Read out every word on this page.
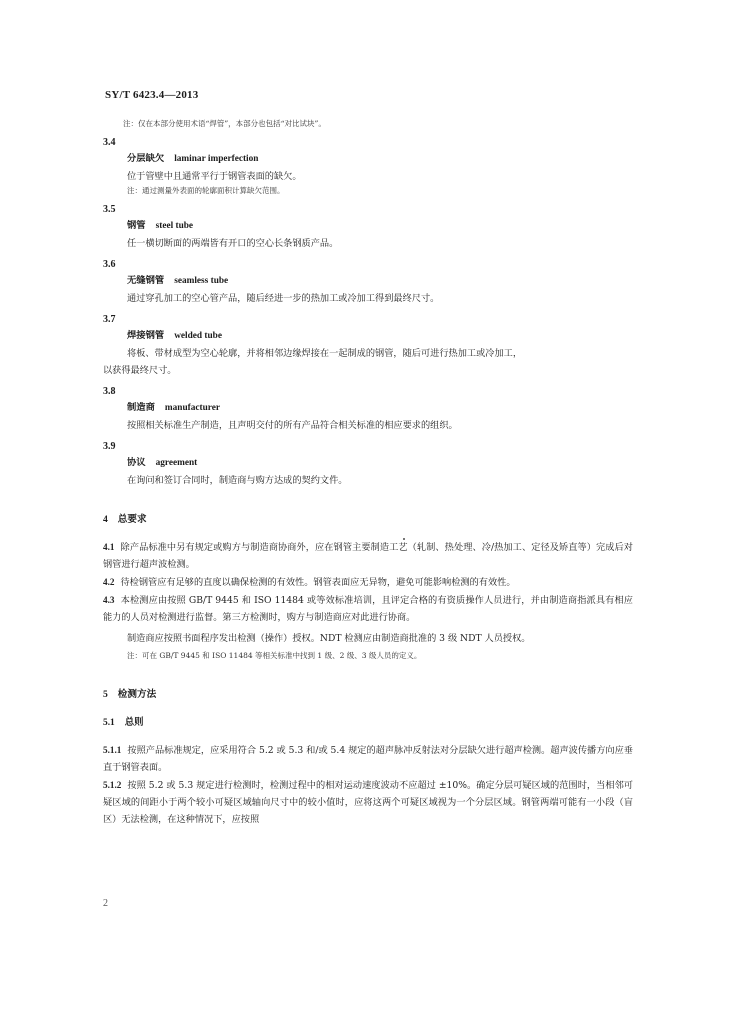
SY/T 6423.4—2013
注：仅在本部分使用术语“焊管”，本部分也包括“对比试块”。
3.4
分层缺欠 laminar imperfection
位于管壁中且通常平行于钢管表面的缺欠。
注：通过测量外表面的轮廓面积计算缺欠范围。
3.5
钢管 steel tube
任一横切断面的两端皆有开口的空心长条钢质产品。
3.6
无缝钢管 seamless tube
通过穿孔加工的空心管产品，随后经进一步的热加工或冷加工得到最终尺寸。
3.7
焊接钢管 welded tube
将板、带材成型为空心轮廓，并将相邻边缘焊接在一起制成的钢管，随后可进行热加工或冷加工，
以获得最终尺寸。
3.8
制造商 manufacturer
按照相关标准生产制造，且声明交付的所有产品符合相关标准的相应要求的组织。
3.9
协议 agreement
在询问和签订合同时，制造商与购方达成的契约文件。
4 总要求
4.1 除产品标准中另有规定或购方与制造商协商外，应在钢管主要制造工艺（轧制、热处理、冷/热加工、定径及矫直等）完成后对钢管进行超声波检测。
4.2 待检钢管应有足够的直度以确保检测的有效性。钢管表面应无异物，避免可能影响检测的有效性。
4.3 本检测应由按照 GB/T 9445 和 ISO 11484 或等效标准培训，且评定合格的有资质操作人员进行，并由制造商指派具有相应能力的人员对检测进行监督。第三方检测时，购方与制造商应对此进行协商。
制造商应按照书面程序发出检测（操作）授权。NDT 检测应由制造商批准的 3 级 NDT 人员授权。
注：可在 GB/T 9445 和 ISO 11484 等相关标准中找到 1 级、2 级、3 级人员的定义。
5 检测方法
5.1 总则
5.1.1 按照产品标准规定，应采用符合 5.2 或 5.3 和/或 5.4 规定的超声脉冲反射法对分层缺欠进行超声检测。超声波传播方向应垂直于钢管表面。
5.1.2 按照 5.2 或 5.3 规定进行检测时，检测过程中的相对运动速度波动不应超过 ±10%。确定分层可疑区域的范围时，当相邻可疑区域的间距小于两个较小可疑区域轴向尺寸中的较小值时，应将这两个可疑区域视为一个分层区域。钢管两端可能有一小段（盲区）无法检测，在这种情况下，应按照
2
